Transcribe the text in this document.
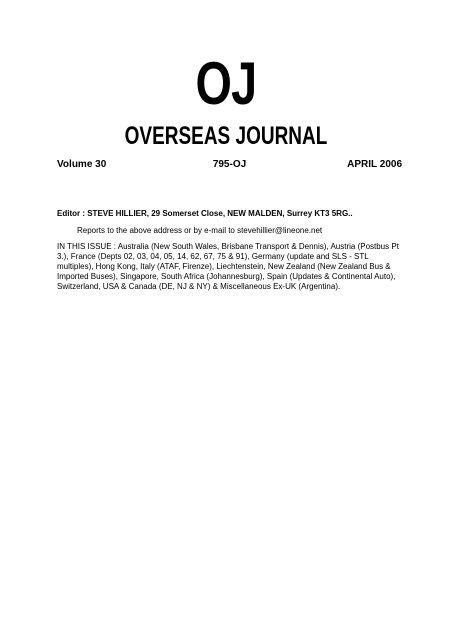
OJ
OVERSEAS JOURNAL
Volume 30	795-OJ	APRIL 2006
Editor : STEVE HILLIER, 29 Somerset Close, NEW MALDEN, Surrey KT3 5RG..
Reports to the above address or by e-mail to stevehillier@lineone.net
IN THIS ISSUE : Australia (New South Wales, Brisbane Transport & Dennis), Austria (Postbus Pt 3.), France (Depts 02, 03, 04, 05, 14, 62, 67, 75 & 91), Germany (update and SLS - STL multiples), Hong Kong, Italy (ATAF, Firenze), Liechtenstein, New Zealand (New Zealand Bus & Imported Buses), Singapore, South Africa (Johannesburg), Spain (Updates & Continental Auto), Switzerland, USA & Canada (DE, NJ & NY) & Miscellaneous Ex-UK (Argentina).
